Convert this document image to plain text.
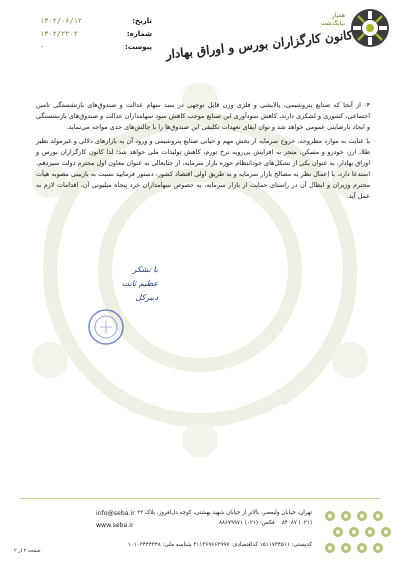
همیار
بیانگذشت
کانون کارگزاران بورس و اوراق بهادار
تاریخ:
۱۴۰۲/۰۶/۱۲
شماره:
۱۴۰۲/۲۲۰۲
پیوست:
-

۴- از آنجا که صنایع پتروشیمی، پالایشی و فلزی وزن قابل توجهی در سبد سهام عدالت و صندوق‌های بازنشستگی تامین اجتماعی، کشوری و لشکری دارند، کاهش سودآوری این صنایع موجب کاهش سود سهامداران عدالت و صندوق‌های بازنشستگی و ایجاد نارضایتی عمومی خواهد شد و توان ایفای تعهدات تکلیفی این صندوق‌ها را با چالش‌های جدی مواجه می‌نماید.

با عنایت به موارد مطروحه، خروج سرمایه از بخش مهم و حیاتی صنایع پتروشیمی و ورود آن به بازارهای دلالی و غیرمولد نظیر طلا، ارز، خودرو و مسکن، منجر به افزایش بی‌رویه نرخ تورم، کاهش تولیدات ملی خواهد شد؛ لذا کانون کارگزاران بورس و اوراق بهادار، به عنوان یکی از تشکل‌های خودانتظام حوزه بازار سرمایه، از جنابعالی به عنوان معاون اول محترم دولت سیزدهم، استدعا دارد، با اِعمال نظر به مصالح بازار سرمایه و به طریق اولی اقتصاد کشور، دستور فرمایید نسبت به بازبینی مصوبه هیأت محترم وزیران و ابطال آن در راستای حمایت از بازار سرمایه، به خصوص سهامداران خرد پنجاه میلیونی آن، اقدامات لازم به عمل آید.

با تشکر
عظیم ثابت
دبیرکل
تهران، خیابان ولیعصر، بالاتر از خیابان شهید بهشتی، کوچه دل‌افروز، پلاک ۳۲
(۰۲۱) ۸۴۰۸۷    فکس: (۰۲۱) ۸۸۶۷۹۹۷۱
کدپستی: ۱۵۱۱۷۳۴۵۱۱ کداقتصادی: ۴۱۱۳۶۹۶۶۳۹۹۷ شناسه ملی: ۱۰۱۰۳۴۴۴۳۴۸
info@seba.ir
www.seba.ir
صفحه ۲ از ۲
